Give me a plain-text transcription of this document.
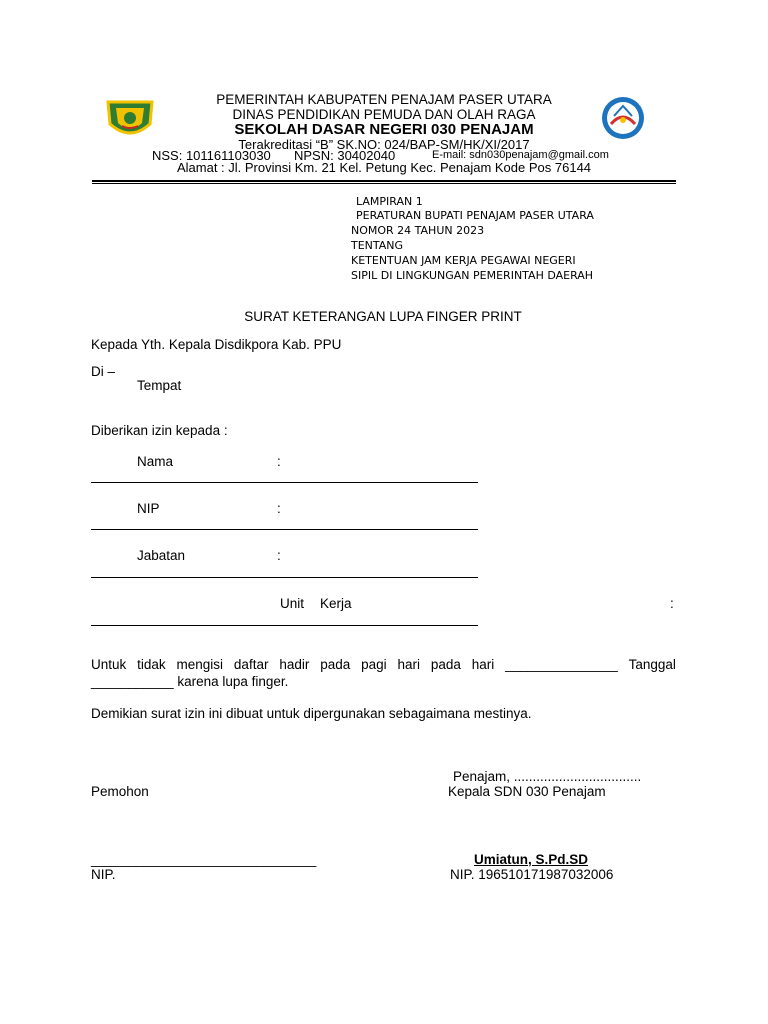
PEMERINTAH KABUPATEN PENAJAM PASER UTARA
DINAS PENDIDIKAN PEMUDA DAN OLAH RAGA
SEKOLAH DASAR NEGERI 030 PENAJAM
Terakreditasi “B” SK.NO: 024/BAP-SM/HK/XI/2017
NSS: 101161103030 NPSN: 30402040	E-mail: sdn030penajam@gmail.com
Alamat : Jl. Provinsi Km. 21 Kel. Petung Kec. Penajam Kode Pos 76144
LAMPIRAN 1
PERATURAN BUPATI PENAJAM PASER UTARA
NOMOR 24 TAHUN 2023
TENTANG
KETENTUAN JAM KERJA PEGAWAI NEGERI
SIPIL DI LINGKUNGAN PEMERINTAH DAERAH
SURAT KETERANGAN LUPA FINGER PRINT
Kepada Yth. Kepala Disdikpora Kab. PPU
Di –
Tempat
Diberikan izin kepada :
Nama	:
NIP	:
Jabatan	:
Unit Kerja	:
Untuk tidak mengisi daftar hadir pada pagi hari pada hari _______________ Tanggal
___________ karena lupa finger.
Demikian surat izin ini dibuat untuk dipergunakan sebagaimana mestinya.
Penajam, ..................................
Pemohon	Kepala SDN 030 Penajam
______________________________	Umiatun, S.Pd.SD
NIP.	NIP. 196510171987032006
